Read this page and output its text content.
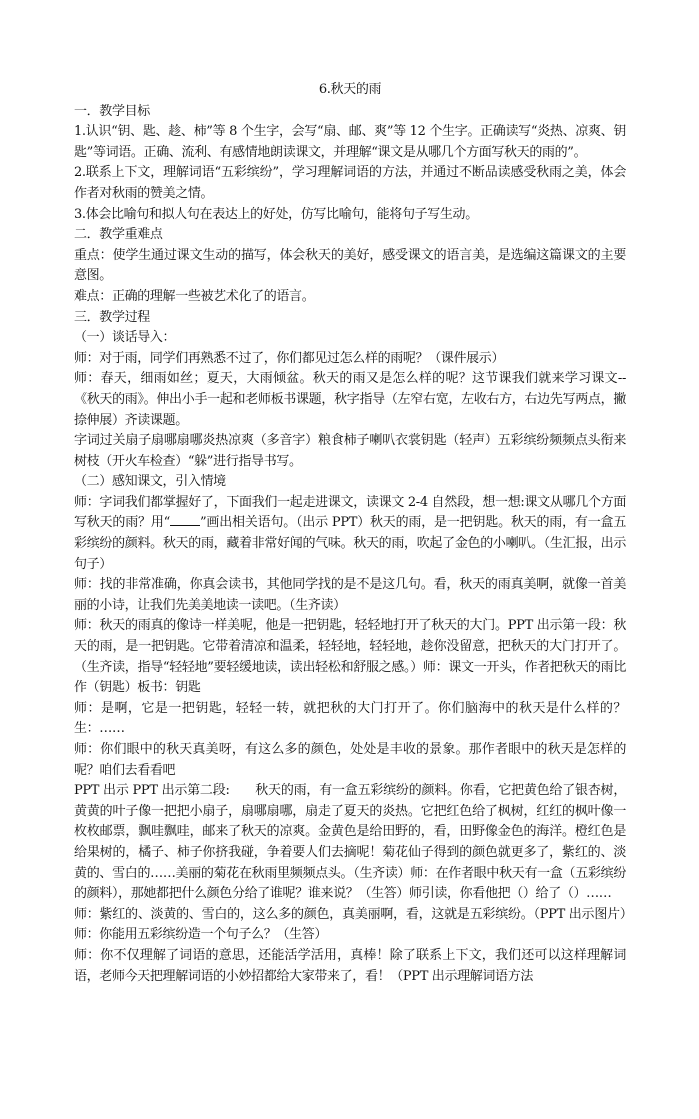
6.秋天的雨

一．教学目标

1.认识“钥、匙、趁、柿”等 8 个生字，会写“扇、邮、爽”等 12 个生字。正确读写“炎热、凉爽、钥匙”等词语。正确、流利、有感情地朗读课文，并理解“课文是从哪几个方面写秋天的雨的”。

2.联系上下文，理解词语“五彩缤纷”，学习理解词语的方法，并通过不断品读感受秋雨之美，体会作者对秋雨的赞美之情。

3.体会比喻句和拟人句在表达上的好处，仿写比喻句，能将句子写生动。

二．教学重难点

重点：使学生通过课文生动的描写，体会秋天的美好，感受课文的语言美，是选编这篇课文的主要意图。

难点：正确的理解一些被艺术化了的语言。

三．教学过程

（一）谈话导入：

师：对于雨，同学们再熟悉不过了，你们都见过怎么样的雨呢？（课件展示）

师：春天，细雨如丝；夏天，大雨倾盆。秋天的雨又是怎么样的呢？这节课我们就来学习课文--《秋天的雨》。伸出小手一起和老师板书课题，秋字指导（左窄右宽，左收右方，右边先写两点，撇捺伸展）齐读课题。

字词过关扇子扇哪扇哪炎热凉爽（多音字）粮食柿子喇叭衣裳钥匙（轻声）五彩缤纷频频点头衔来树枝（开火车检查）“躲”进行指导书写。

（二）感知课文，引入情境

师：字词我们都掌握好了，下面我们一起走进课文，读课文 2-4 自然段，想一想:课文从哪几个方面写秋天的雨？用“ ”画出相关语句。（出示 PPT）秋天的雨，是一把钥匙。秋天的雨，有一盒五彩缤纷的颜料。秋天的雨，藏着非常好闻的气味。秋天的雨，吹起了金色的小喇叭。（生汇报，出示句子）

师：找的非常准确，你真会读书，其他同学找的是不是这几句。看，秋天的雨真美啊，就像一首美丽的小诗，让我们先美美地读一读吧。（生齐读）

师：秋天的雨真的像诗一样美呢，他是一把钥匙，轻轻地打开了秋天的大门。PPT 出示第一段：秋天的雨，是一把钥匙。它带着清凉和温柔，轻轻地，轻轻地，趁你没留意，把秋天的大门打开了。（生齐读，指导“轻轻地”要轻缓地读，读出轻松和舒服之感。）师：课文一开头，作者把秋天的雨比作（钥匙）板书：钥匙

师：是啊，它是一把钥匙，轻轻一转，就把秋的大门打开了。你们脑海中的秋天是什么样的？生：……

师：你们眼中的秋天真美呀，有这么多的颜色，处处是丰收的景象。那作者眼中的秋天是怎样的呢？咱们去看看吧

PPT 出示 PPT 出示第二段:　　秋天的雨，有一盒五彩缤纷的颜料。你看，它把黄色给了银杏树，黄黄的叶子像一把把小扇子，扇哪扇哪，扇走了夏天的炎热。它把红色给了枫树，红红的枫叶像一枚枚邮票，飘哇飘哇，邮来了秋天的凉爽。金黄色是给田野的，看，田野像金色的海洋。橙红色是给果树的，橘子、柿子你挤我碰，争着要人们去摘呢！菊花仙子得到的颜色就更多了，紫红的、淡黄的、雪白的……美丽的菊花在秋雨里频频点头。（生齐读）师：在作者眼中秋天有一盒（五彩缤纷的颜料），那她都把什么颜色分给了谁呢？谁来说？（生答）师引读，你看他把（）给了（）……

师：紫红的、淡黄的、雪白的，这么多的颜色，真美丽啊，看，这就是五彩缤纷。（PPT 出示图片）师：你能用五彩缤纷造一个句子么？（生答）

师：你不仅理解了词语的意思，还能活学活用，真棒！除了联系上下文，我们还可以这样理解词语，老师今天把理解词语的小妙招都给大家带来了，看！（PPT 出示理解词语方法
